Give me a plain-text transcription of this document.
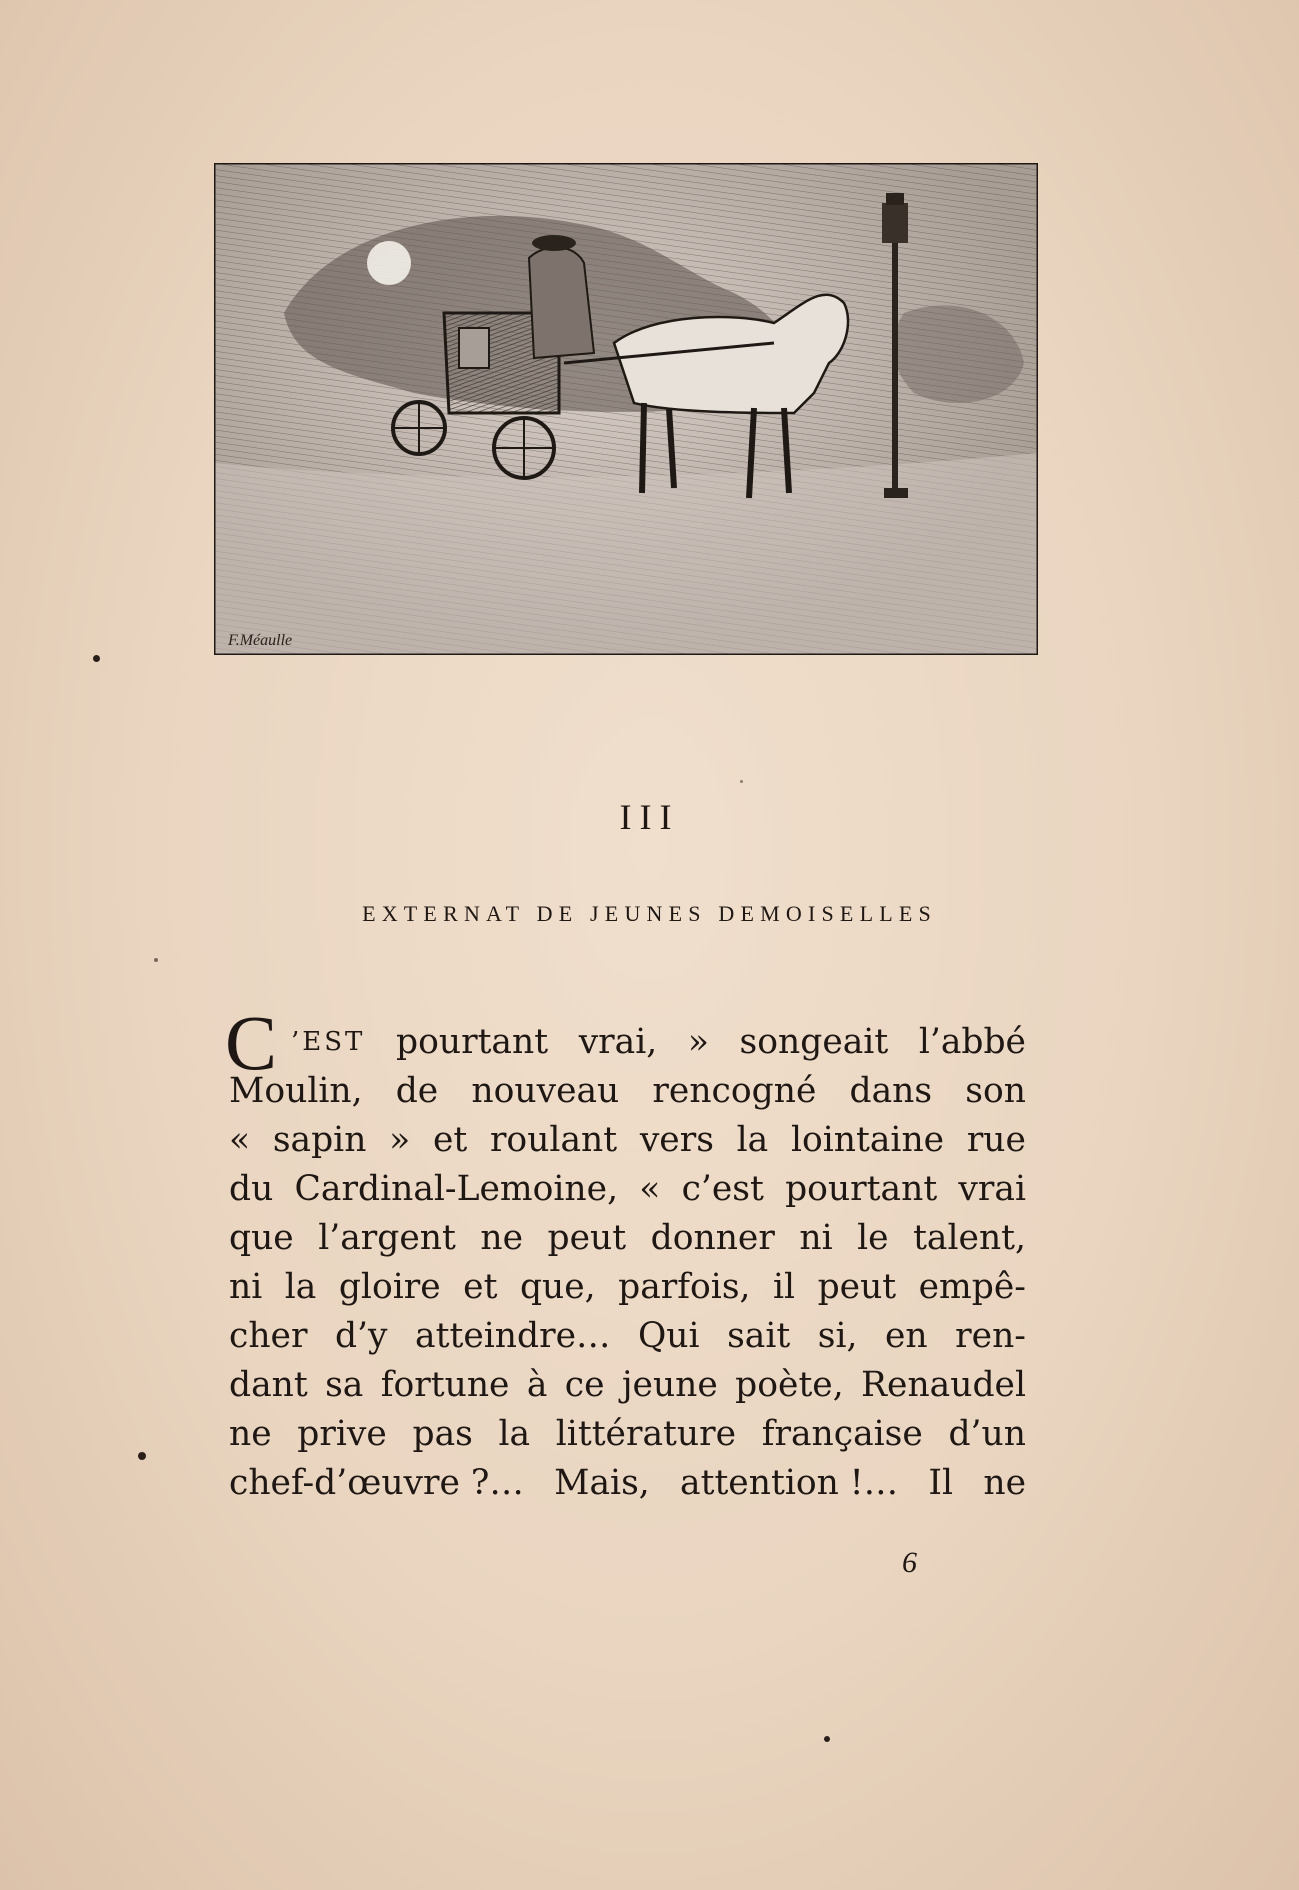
F.Méaulle
III
EXTERNAT DE JEUNES DEMOISELLES
C ’EST pourtant vrai, » songeait l’abbé
Moulin, de nouveau rencogné dans son
« sapin » et roulant vers la lointaine rue
du Cardinal-Lemoine, « c’est pourtant vrai
que l’argent ne peut donner ni le talent,
ni la gloire et que, parfois, il peut empê-
cher d’y atteindre… Qui sait si, en ren-
dant sa fortune à ce jeune poète, Renaudel
ne prive pas la littérature française d’un
chef-d’œuvre ?… Mais, attention !… Il ne
6
